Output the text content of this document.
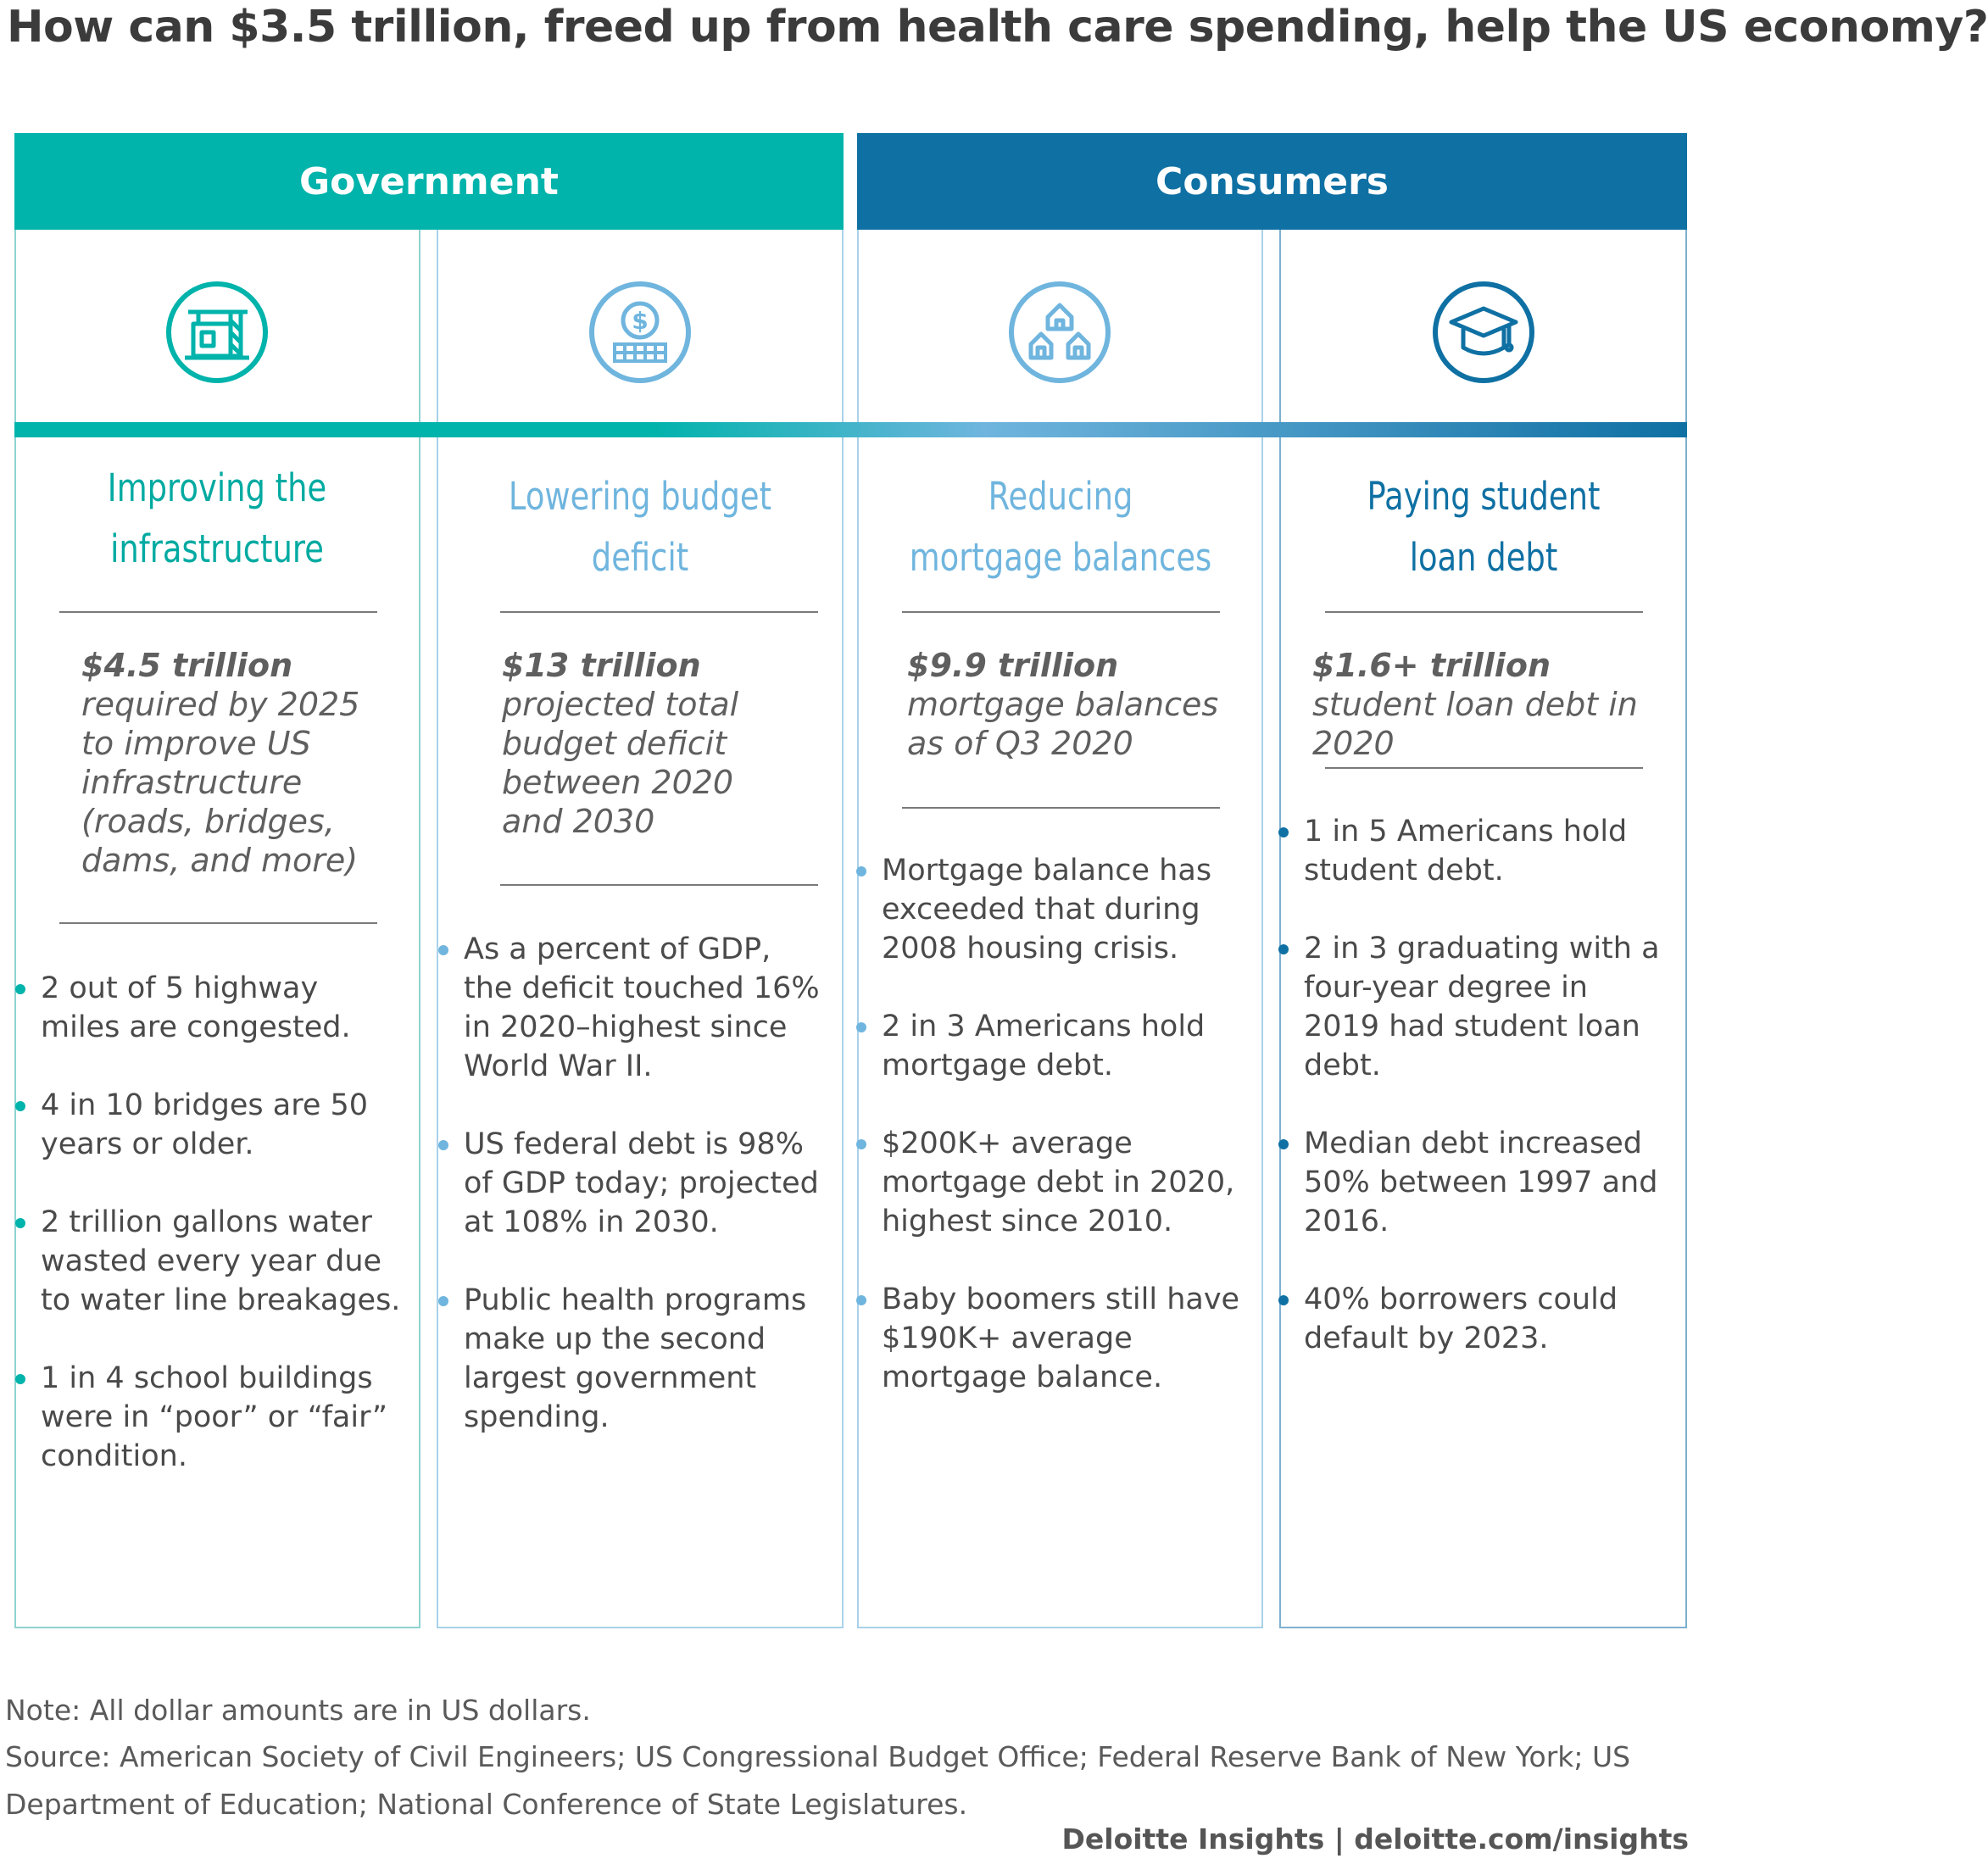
How can $3.5 trillion, freed up from health care spending, help the US economy?
Government	Consumers
$
Improving the infrastructure
Lowering budget deficit
Reducing mortgage balances
Paying student loan debt
$4.5 trillion required by 2025 to improve US infrastructure (roads, bridges, dams, and more)
$13 trillion projected total budget deficit between 2020 and 2030
$9.9 trillion mortgage balances as of Q3 2020
$1.6+ trillion student loan debt in 2020
2 out of 5 highway miles are congested.
4 in 10 bridges are 50 years or older.
2 trillion gallons water wasted every year due to water line breakages.
1 in 4 school buildings were in “poor” or “fair” condition.
As a percent of GDP, the deficit touched 16% in 2020–highest since World War II.
US federal debt is 98% of GDP today; projected at 108% in 2030.
Public health programs make up the second largest government spending.
Mortgage balance has exceeded that during 2008 housing crisis.
2 in 3 Americans hold mortgage debt.
$200K+ average mortgage debt in 2020, highest since 2010.
Baby boomers still have $190K+ average mortgage balance.
1 in 5 Americans hold student debt.
2 in 3 graduating with a four-year degree in 2019 had student loan debt.
Median debt increased 50% between 1997 and 2016.
40% borrowers could default by 2023.
Note: All dollar amounts are in US dollars.
Source: American Society of Civil Engineers; US Congressional Budget Office; Federal Reserve Bank of New York; US Department of Education; National Conference of State Legislatures.
Deloitte Insights | deloitte.com/insights
